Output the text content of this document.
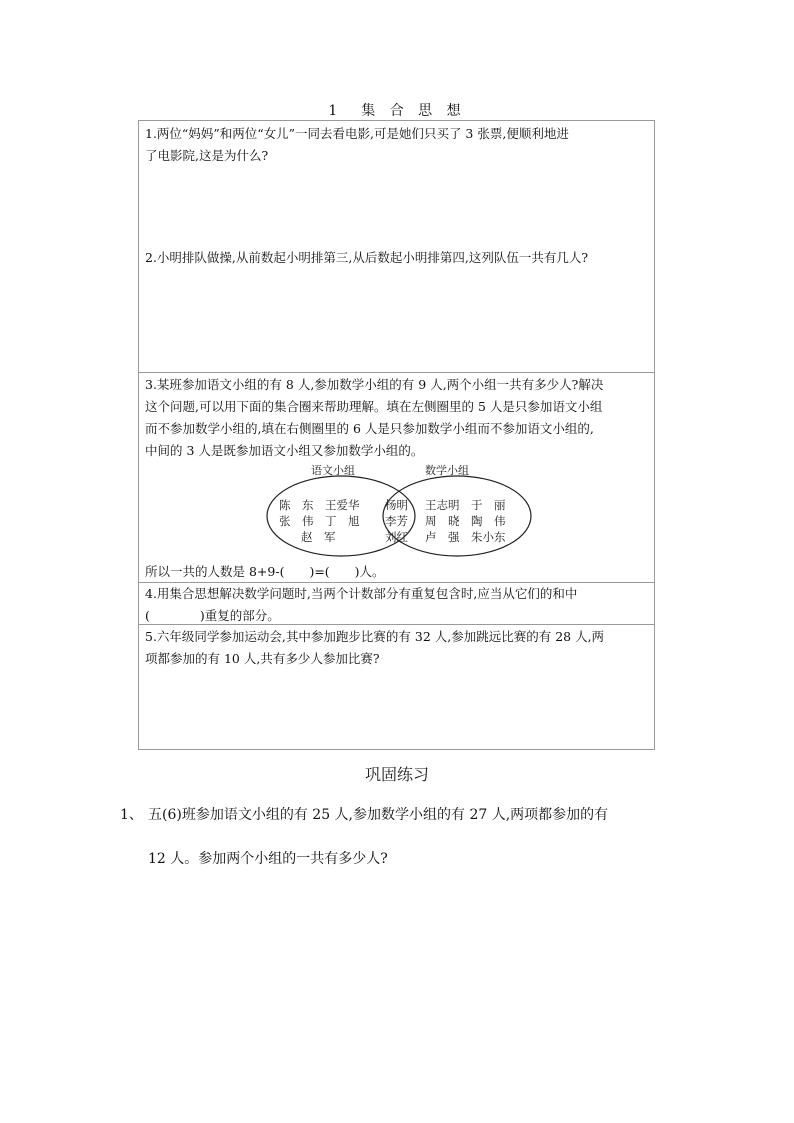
1　集 合 思 想
1.两位“妈妈”和两位“女儿”一同去看电影,可是她们只买了 3 张票,便顺利地进
了电影院,这是为什么?
2.小明排队做操,从前数起小明排第三,从后数起小明排第四,这列队伍一共有几人?
3.某班参加语文小组的有 8 人,参加数学小组的有 9 人,两个小组一共有多少人?解决
这个问题,可以用下面的集合圈来帮助理解。填在左侧圈里的 5 人是只参加语文小组
而不参加数学小组的,填在右侧圈里的 6 人是只参加数学小组而不参加语文小组的,
中间的 3 人是既参加语文小组又参加数学小组的。
语文小组	数学小组
陈　东　王爱华
张　伟　丁　旭
赵　军
杨明
李芳
刘红
王志明　于　丽
周　晓　陶　伟
卢　强　朱小东
所以一共的人数是 8+9-(　　)=(　　)人。
4.用集合思想解决数学问题时,当两个计数部分有重复包含时,应当从它们的和中
(　　　　)重复的部分。
5.六年级同学参加运动会,其中参加跑步比赛的有 32 人,参加跳远比赛的有 28 人,两
项都参加的有 10 人,共有多少人参加比赛?
巩固练习
1、 五(6)班参加语文小组的有 25 人,参加数学小组的有 27 人,两项都参加的有
12 人。参加两个小组的一共有多少人?
